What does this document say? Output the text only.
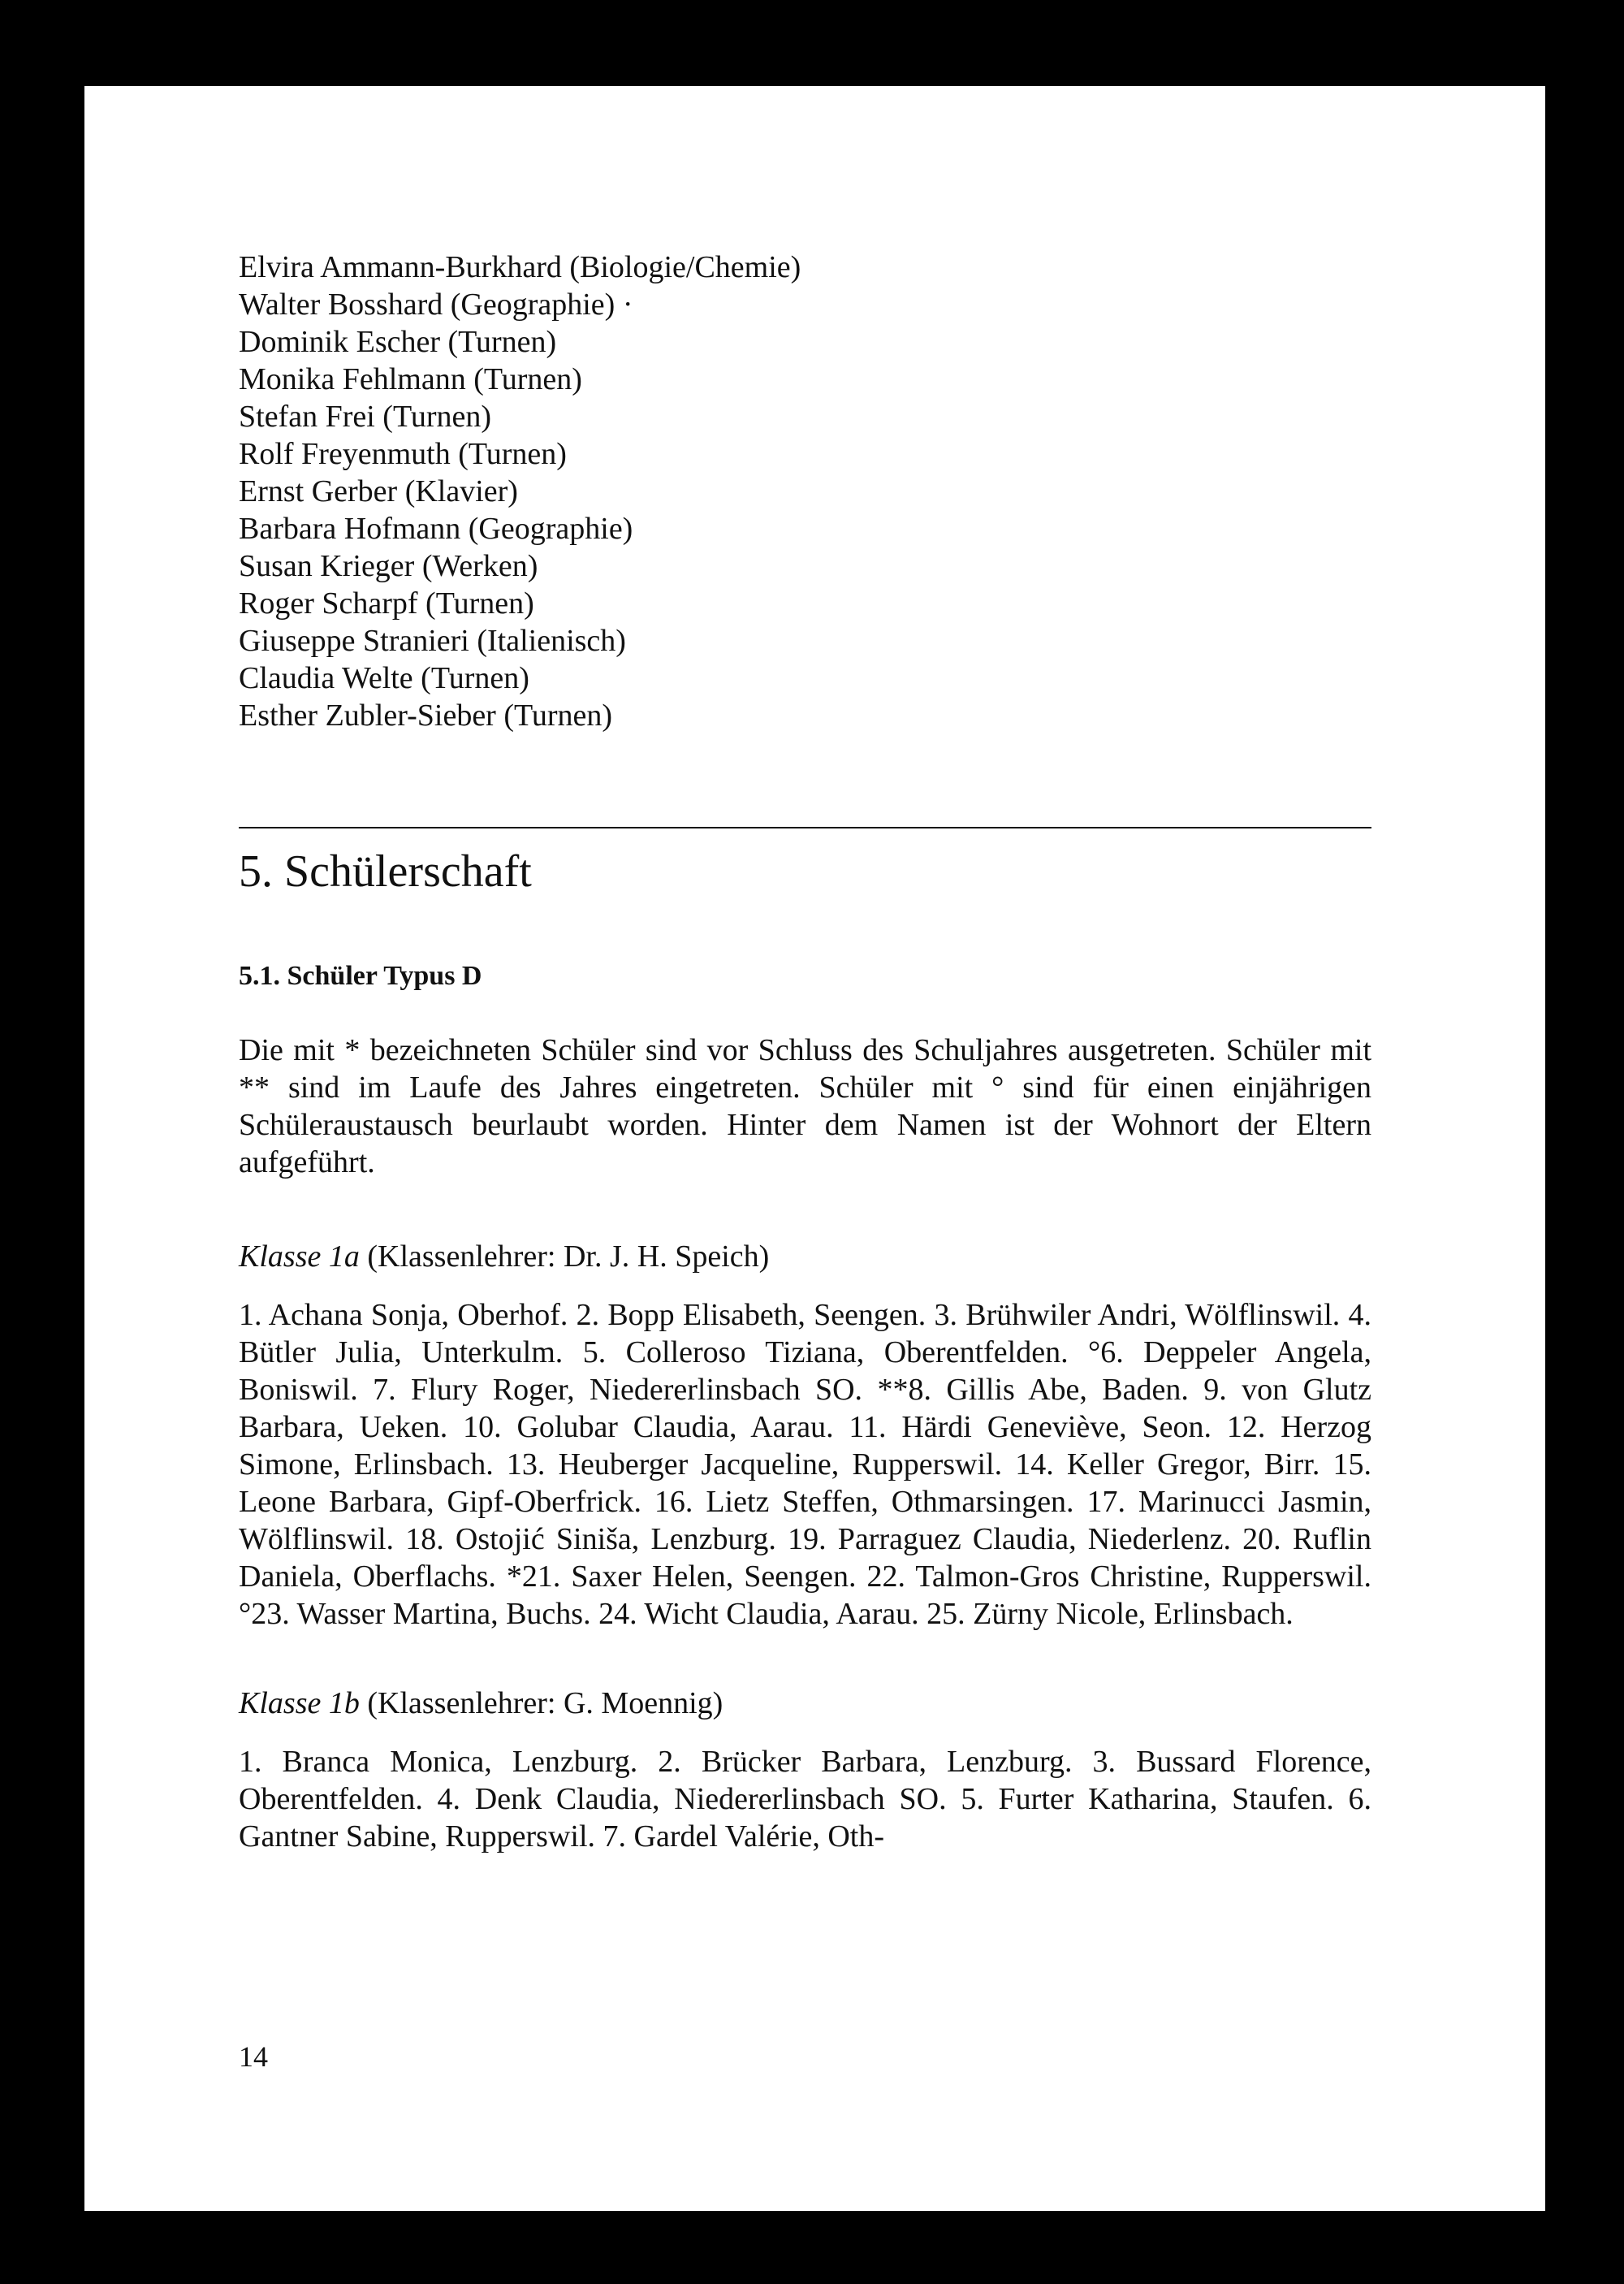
Elvira Ammann-Burkhard (Biologie/Chemie)
Walter Bosshard (Geographie) ·
Dominik Escher (Turnen)
Monika Fehlmann (Turnen)
Stefan Frei (Turnen)
Rolf Freyenmuth (Turnen)
Ernst Gerber (Klavier)
Barbara Hofmann (Geographie)
Susan Krieger (Werken)
Roger Scharpf (Turnen)
Giuseppe Stranieri (Italienisch)
Claudia Welte (Turnen)
Esther Zubler-Sieber (Turnen)
5. Schülerschaft
5.1. Schüler Typus D
Die mit * bezeichneten Schüler sind vor Schluss des Schuljahres ausgetreten. Schüler mit ** sind im Laufe des Jahres eingetreten. Schüler mit ° sind für einen einjährigen Schüleraustausch beurlaubt worden. Hinter dem Namen ist der Wohnort der Eltern aufgeführt.
Klasse 1a (Klassenlehrer: Dr. J. H. Speich)
1. Achana Sonja, Oberhof. 2. Bopp Elisabeth, Seengen. 3. Brühwiler Andri, Wölflinswil. 4. Bütler Julia, Unterkulm. 5. Colleroso Tiziana, Oberentfelden. °6. Deppeler Angela, Boniswil. 7. Flury Roger, Niedererlinsbach SO. **8. Gillis Abe, Baden. 9. von Glutz Barbara, Ueken. 10. Golubar Claudia, Aarau. 11. Härdi Geneviève, Seon. 12. Herzog Simone, Erlinsbach. 13. Heuberger Jacqueline, Rupperswil. 14. Keller Gregor, Birr. 15. Leone Barbara, Gipf-Oberfrick. 16. Lietz Steffen, Othmarsingen. 17. Marinucci Jasmin, Wölflinswil. 18. Ostojić Siniša, Lenzburg. 19. Parraguez Claudia, Niederlenz. 20. Ruflin Daniela, Oberflachs. *21. Saxer Helen, Seengen. 22. Talmon-Gros Christine, Rupperswil. °23. Wasser Martina, Buchs. 24. Wicht Claudia, Aarau. 25. Zürny Nicole, Erlinsbach.
Klasse 1b (Klassenlehrer: G. Moennig)
1. Branca Monica, Lenzburg. 2. Brücker Barbara, Lenzburg. 3. Bussard Florence, Oberentfelden. 4. Denk Claudia, Niedererlinsbach SO. 5. Furter Katharina, Staufen. 6. Gantner Sabine, Rupperswil. 7. Gardel Valérie, Oth-
14
